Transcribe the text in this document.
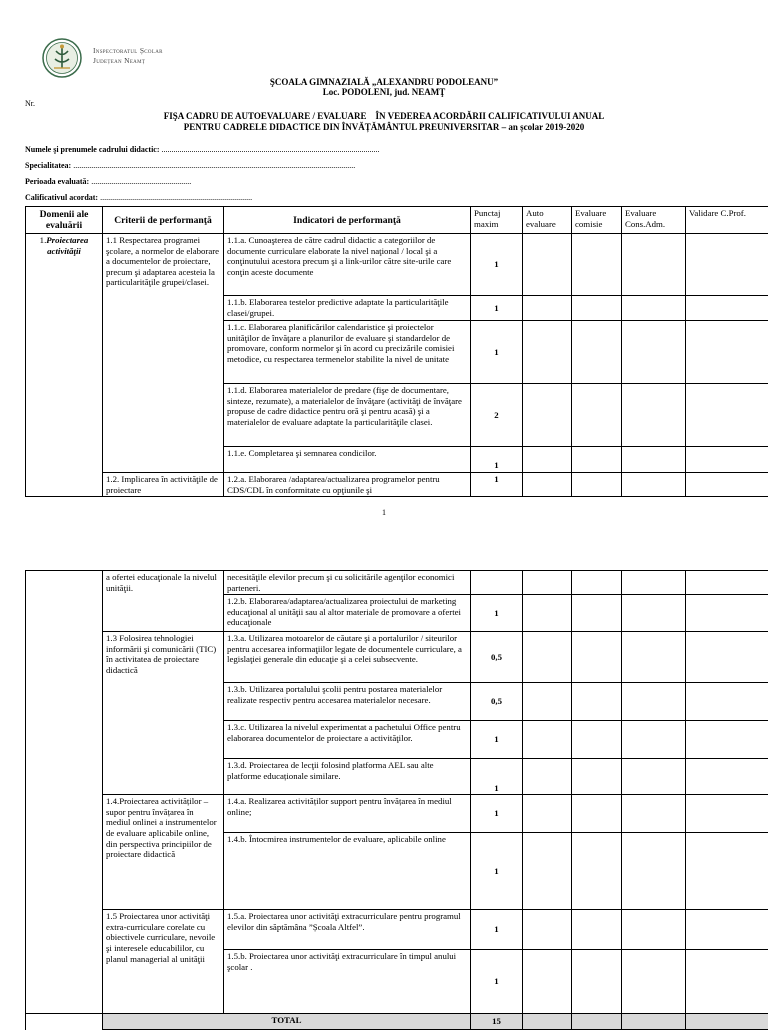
Inspectoratul Școlar
Județean Neamț
ŞCOALA GIMNAZIALĂ „ALEXANDRU PODOLEANU”
Loc. PODOLENI, jud. NEAMŢ
Nr.
FIŞA CADRU DE AUTOEVALUARE / EVALUARE    ÎN VEDEREA ACORDĂRII CALIFICATIVULUI ANUAL
PENTRU CADRELE DIDACTICE DIN ÎNVĂȚĂMÂNTUL PREUNIVERSITAR – an școlar 2019-2020
Numele şi prenumele cadrului didactic: .............................................................................................................
Specialitatea: .............................................................................................................................................
Perioada evaluată: ..................................................
Calificativul acordat: ............................................................................
Domenii ale evaluării	Criterii de performanţă	Indicatori de performanţă	Punctaj maxim	Auto evaluare	Evaluare comisie	Evaluare Cons.Adm.	Validare C.Prof.
1.Proiectarea activităţii	1.1 Respectarea programei şcolare, a normelor de elaborare a documentelor de proiectare, precum şi adaptarea acesteia la particularităţile grupei/clasei.	1.1.a. Cunoaşterea de către cadrul didactic a categoriilor de documente curriculare elaborate la nivel naţional / local şi a conţinutului acestora precum şi a link-urilor către site-urile care conţin aceste documente	1				
		1.1.b. Elaborarea testelor predictive adaptate la particularităţile clasei/grupei.	1				
		1.1.c. Elaborarea planificărilor calendaristice şi proiectelor unităţilor de învăţare a planurilor de evaluare şi standardelor de promovare, conform normelor şi în acord cu precizările comisiei metodice, cu respectarea termenelor stabilite la nivel de unitate	1				
		1.1.d. Elaborarea materialelor de predare (fişe de documentare, sinteze, rezumate), a materialelor de învăţare (activităţi de învăţare propuse de cadre didactice pentru oră şi pentru acasă) şi a materialelor de evaluare adaptate la particularităţile clasei.	2				
		1.1.e. Completarea şi semnarea condicilor.	1				
	1.2. Implicarea în activităţile de proiectare	1.2.a. Elaborarea /adaptarea/actualizarea programelor pentru CDS/CDL în conformitate cu opţiunile şi	1				
1
	a ofertei educaţionale la nivelul unităţii.	necesităţile elevilor precum şi cu solicitările agenţilor economici parteneri.					
		1.2.b. Elaborarea/adaptarea/actualizarea proiectului de marketing educaţional al unităţii sau al altor materiale de promovare a ofertei educaţionale	1				
	1.3 Folosirea tehnologiei informării şi comunicării (TIC) în activitatea de proiectare didactică	1.3.a. Utilizarea motoarelor de căutare şi a portalurilor / siteurilor pentru accesarea informaţiilor legate de documentele curriculare, a legislaţiei generale din educaţie şi a celei subsecvente.	0,5				
		1.3.b. Utilizarea portalului şcolii pentru postarea materialelor realizate respectiv pentru accesarea materialelor necesare.	0,5				
		1.3.c. Utilizarea la nivelul experimentat a pachetului Office pentru elaborarea documentelor de proiectare a activităţilor.	1				
		1.3.d. Proiectarea de lecţii folosind platforma AEL sau alte platforme educaționale similare.	1				
	1.4.Proiectarea activităților – supor pentru învățarea în mediul onlinei a instrumentelor de evaluare aplicabile online, din perspectiva principiilor de proiectare didactică	1.4.a. Realizarea activităților support pentru învățarea în mediul online;	1				
		1.4.b. Întocmirea instrumentelor de evaluare, aplicabile online	1				
	1.5 Proiectarea unor activităţi extra-curriculare corelate cu obiectivele curriculare, nevoile şi interesele educabililor, cu planul managerial al unităţii	1.5.a. Proiectarea unor activităţi extracurriculare pentru programul elevilor din săptămâna ”Școala Altfel”.	1				
		1.5.b. Proiectarea unor activităţi extracurriculare în timpul anului şcolar .	1				
	TOTAL		15				
